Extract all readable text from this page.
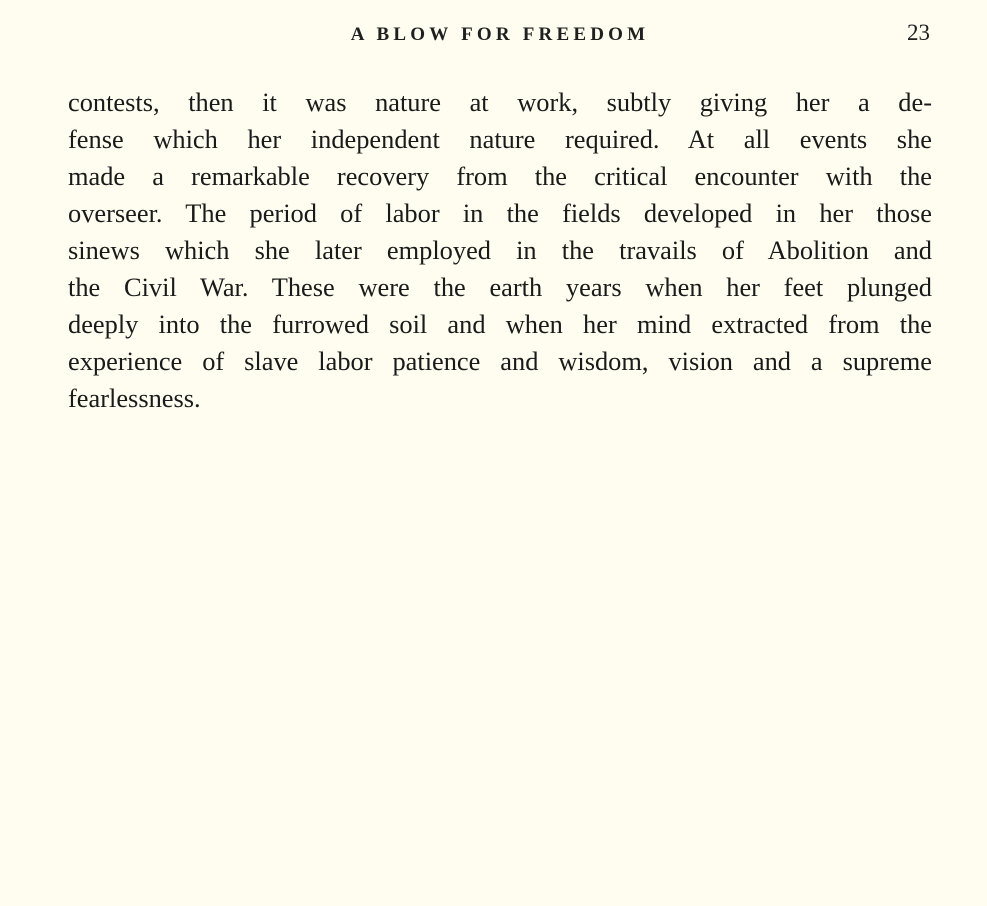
A BLOW FOR FREEDOM	23
contests, then it was nature at work, subtly giving her a de-
fense which her independent nature required. At all events she
made a remarkable recovery from the critical encounter with the
overseer. The period of labor in the fields developed in her those
sinews which she later employed in the travails of Abolition and
the Civil War. These were the earth years when her feet plunged
deeply into the furrowed soil and when her mind extracted from the
experience of slave labor patience and wisdom, vision and a supreme
fearlessness.
